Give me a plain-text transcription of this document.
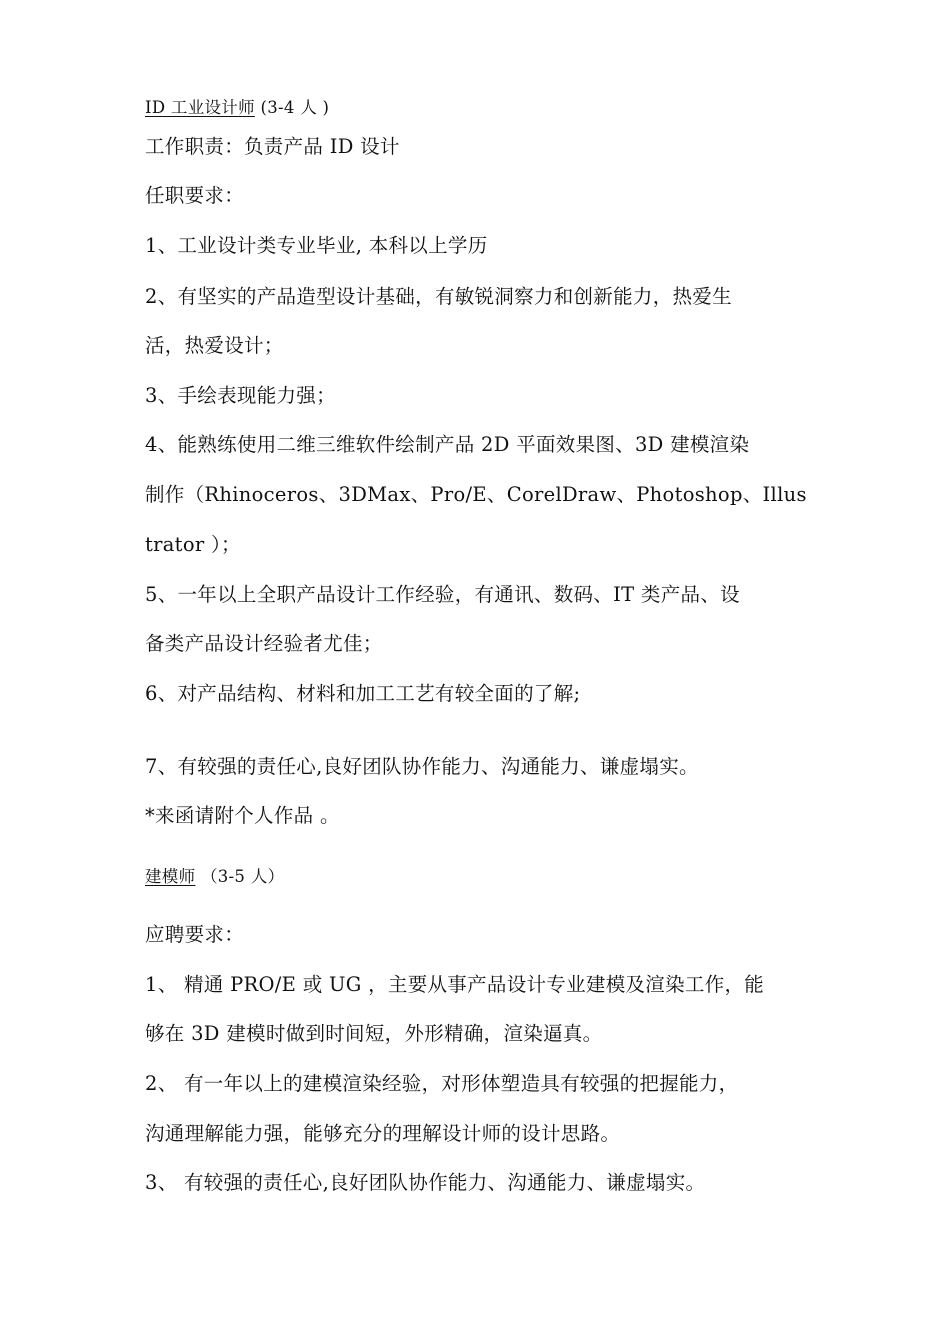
ID 工业设计师 (3-4 人 )
工作职责：负责产品 ID 设计
任职要求：
1、工业设计类专业毕业, 本科以上学历
2、有坚实的产品造型设计基础，有敏锐洞察力和创新能力，热爱生
活，热爱设计；
3、手绘表现能力强；
4、能熟练使用二维三维软件绘制产品 2D 平面效果图、3D 建模渲染
制作（Rhinoceros、3DMax、Pro/E、CorelDraw、Photoshop、Illus
trator ）；
5、一年以上全职产品设计工作经验，有通讯、数码、IT 类产品、设
备类产品设计经验者尤佳；
6、对产品结构、材料和加工工艺有较全面的了解;
7、有较强的责任心,良好团队协作能力、沟通能力、谦虚塌实。
*来函请附个人作品 。
建模师 （3-5 人）
应聘要求：
1、 精通 PRO/E 或 UG ，主要从事产品设计专业建模及渲染工作，能
够在 3D 建模时做到时间短，外形精确，渲染逼真。
2、 有一年以上的建模渲染经验，对形体塑造具有较强的把握能力，
沟通理解能力强，能够充分的理解设计师的设计思路。
3、 有较强的责任心,良好团队协作能力、沟通能力、谦虚塌实。
